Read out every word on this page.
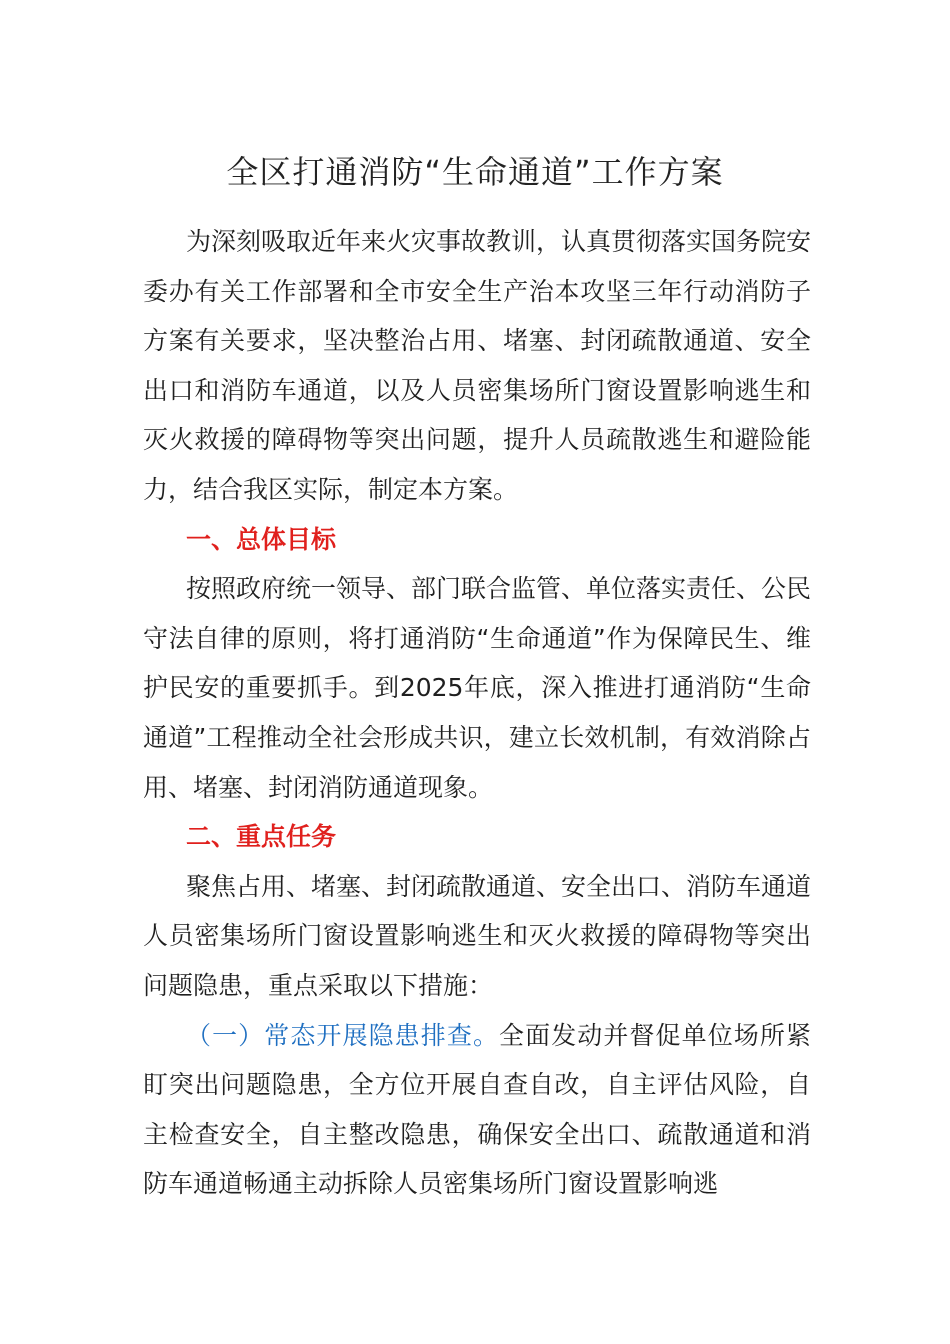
全区打通消防“生命通道”工作方案

为深刻吸取近年来火灾事故教训，认真贯彻落实国务院安委办有关工作部署和全市安全生产治本攻坚三年行动消防子方案有关要求，坚决整治占用、堵塞、封闭疏散通道、安全出口和消防车通道，以及人员密集场所门窗设置影响逃生和灭火救援的障碍物等突出问题，提升人员疏散逃生和避险能力，结合我区实际，制定本方案。

一、总体目标

按照政府统一领导、部门联合监管、单位落实责任、公民守法自律的原则，将打通消防“生命通道”作为保障民生、维护民安的重要抓手。到2025年底，深入推进打通消防“生命通道”工程推动全社会形成共识，建立长效机制，有效消除占用、堵塞、封闭消防通道现象。

二、重点任务

聚焦占用、堵塞、封闭疏散通道、安全出口、消防车通道人员密集场所门窗设置影响逃生和灭火救援的障碍物等突出问题隐患，重点采取以下措施：

（一）常态开展隐患排查。全面发动并督促单位场所紧盯突出问题隐患，全方位开展自查自改，自主评估风险，自主检查安全，自主整改隐患，确保安全出口、疏散通道和消防车通道畅通主动拆除人员密集场所门窗设置影响逃
